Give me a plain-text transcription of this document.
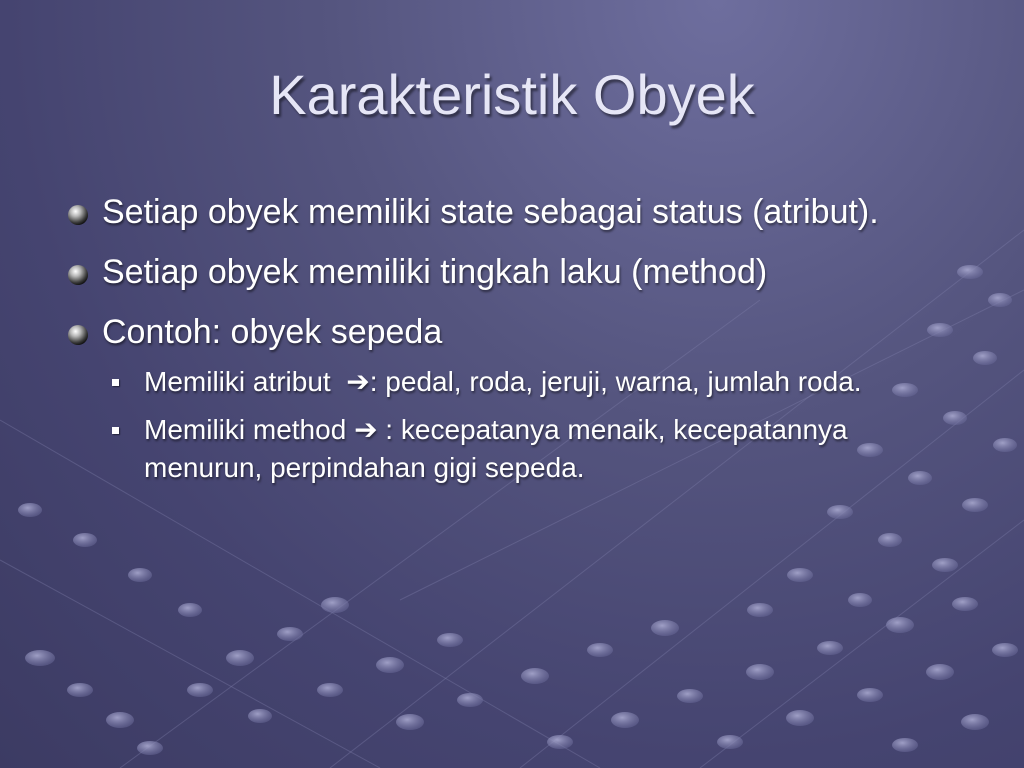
Karakteristik Obyek
Setiap obyek memiliki state sebagai status (atribut).
Setiap obyek memiliki tingkah laku (method)
Contoh: obyek sepeda
Memiliki atribut  ➔: pedal, roda, jeruji, warna, jumlah roda.
Memiliki method ➔ : kecepatanya menaik, kecepatannya menurun, perpindahan gigi sepeda.
